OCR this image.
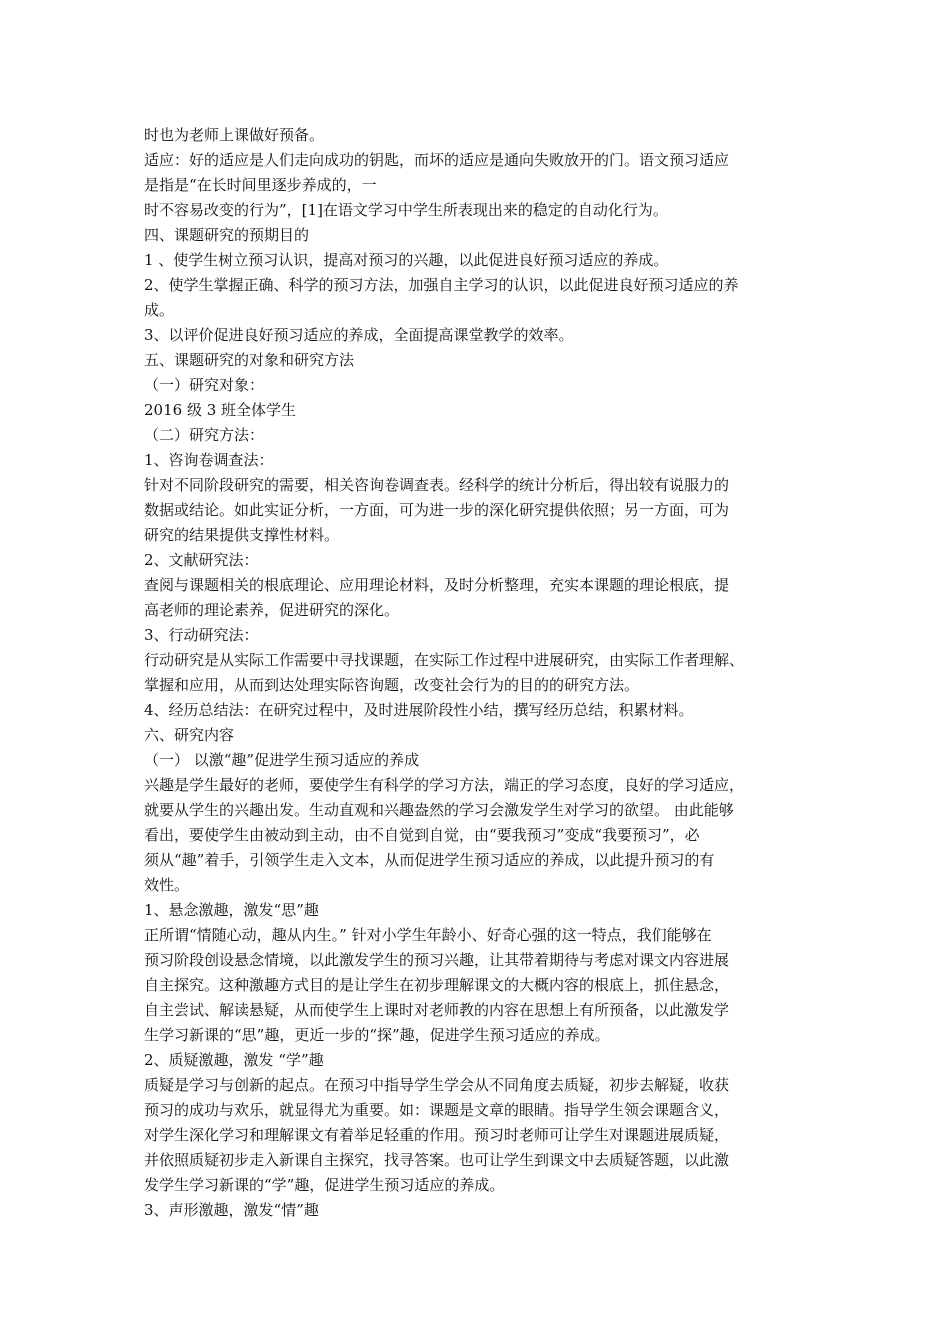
时也为老师上课做好预备。

适应：好的适应是人们走向成功的钥匙，而坏的适应是通向失败放开的门。语文预习适应

是指是“在长时间里逐步养成的，一

时不容易改变的行为”，[1]在语文学习中学生所表现出来的稳定的自动化行为。

四、课题研究的预期目的

1 、使学生树立预习认识，提高对预习的兴趣，以此促进良好预习适应的养成。

2、使学生掌握正确、科学的预习方法，加强自主学习的认识，以此促进良好预习适应的养

成。

3、以评价促进良好预习适应的养成，全面提高课堂教学的效率。

五、课题研究的对象和研究方法

（一）研究对象：

2016 级 3 班全体学生

（二）研究方法：

1、咨询卷调查法：

针对不同阶段研究的需要，相关咨询卷调查表。经科学的统计分析后，得出较有说服力的

数据或结论。如此实证分析，一方面，可为进一步的深化研究提供依照；另一方面，可为

研究的结果提供支撑性材料。

2、文献研究法：

查阅与课题相关的根底理论、应用理论材料，及时分析整理，充实本课题的理论根底，提

高老师的理论素养，促进研究的深化。

3、行动研究法：

行动研究是从实际工作需要中寻找课题，在实际工作过程中进展研究，由实际工作者理解、

掌握和应用，从而到达处理实际咨询题，改变社会行为的目的的研究方法。

4、经历总结法：在研究过程中，及时进展阶段性小结，撰写经历总结，积累材料。

六、研究内容

（一） 以激“趣”促进学生预习适应的养成

兴趣是学生最好的老师，要使学生有科学的学习方法，端正的学习态度，良好的学习适应，

就要从学生的兴趣出发。生动直观和兴趣盎然的学习会激发学生对学习的欲望。 由此能够

看出，要使学生由被动到主动，由不自觉到自觉，由“要我预习”变成“我要预习”，必

须从“趣”着手，引领学生走入文本，从而促进学生预习适应的养成，以此提升预习的有

效性。

1、悬念激趣，激发“思”趣

正所谓“情随心动，趣从内生。” 针对小学生年龄小、好奇心强的这一特点，我们能够在

预习阶段创设悬念情境，以此激发学生的预习兴趣，让其带着期待与考虑对课文内容进展

自主探究。这种激趣方式目的是让学生在初步理解课文的大概内容的根底上，抓住悬念，

自主尝试、解读悬疑，从而使学生上课时对老师教的内容在思想上有所预备，以此激发学

生学习新课的“思”趣，更近一步的“探”趣，促进学生预习适应的养成。

2、质疑激趣，激发 “学”趣

质疑是学习与创新的起点。在预习中指导学生学会从不同角度去质疑，初步去解疑，收获

预习的成功与欢乐，就显得尤为重要。如：课题是文章的眼睛。指导学生领会课题含义，

对学生深化学习和理解课文有着举足轻重的作用。预习时老师可让学生对课题进展质疑，

并依照质疑初步走入新课自主探究，找寻答案。也可让学生到课文中去质疑答题，以此激

发学生学习新课的“学”趣，促进学生预习适应的养成。

3、声形激趣，激发“情”趣
